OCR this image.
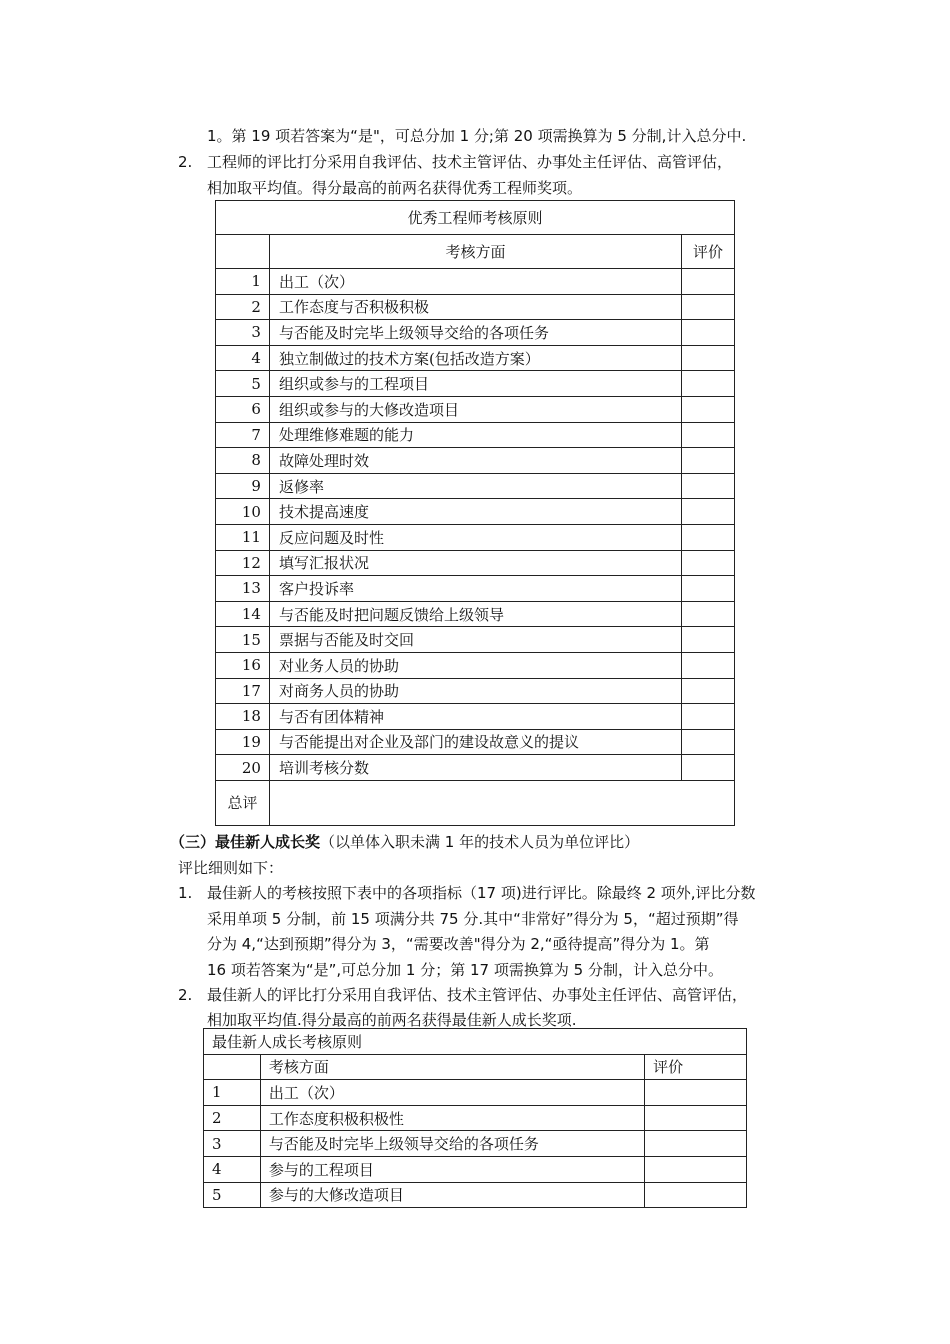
1。第 19 项若答案为“是"，可总分加 1 分;第 20 项需换算为 5 分制,计入总分中.
2. 工程师的评比打分采用自我评估、技术主管评估、办事处主任评估、高管评估，
相加取平均值。得分最高的前两名获得优秀工程师奖项。
优秀工程师考核原则		
	考核方面	评价
1	出工（次）	
2	工作态度与否积极积极	
3	与否能及时完毕上级领导交给的各项任务	
4	独立制做过的技术方案(包括改造方案）	
5	组织或参与的工程项目	
6	组织或参与的大修改造项目	
7	处理维修难题的能力	
8	故障处理时效	
9	返修率	
10	技术提高速度	
11	反应问题及时性	
12	填写汇报状况	
13	客户投诉率	
14	与否能及时把问题反馈给上级领导	
15	票据与否能及时交回	
16	对业务人员的协助	
17	对商务人员的协助	
18	与否有团体精神	
19	与否能提出对企业及部门的建设故意义的提议	
20	培训考核分数	
总评		
（三）最佳新人成长奖（以单体入职未满 1 年的技术人员为单位评比）
评比细则如下：
1. 最佳新人的考核按照下表中的各项指标（17 项)进行评比。除最终 2 项外,评比分数
采用单项 5 分制，前 15 项满分共 75 分.其中“非常好”得分为 5，“超过预期”得
分为 4,“达到预期”得分为 3，“需要改善"得分为 2,“亟待提高”得分为 1。第
16 项若答案为“是”,可总分加 1 分；第 17 项需换算为 5 分制，计入总分中。
2. 最佳新人的评比打分采用自我评估、技术主管评估、办事处主任评估、高管评估，
相加取平均值.得分最高的前两名获得最佳新人成长奖项.
最佳新人成长考核原则		
	考核方面	评价
1	出工（次）	
2	工作态度积极积极性	
3	与否能及时完毕上级领导交给的各项任务	
4	参与的工程项目	
5	参与的大修改造项目	
